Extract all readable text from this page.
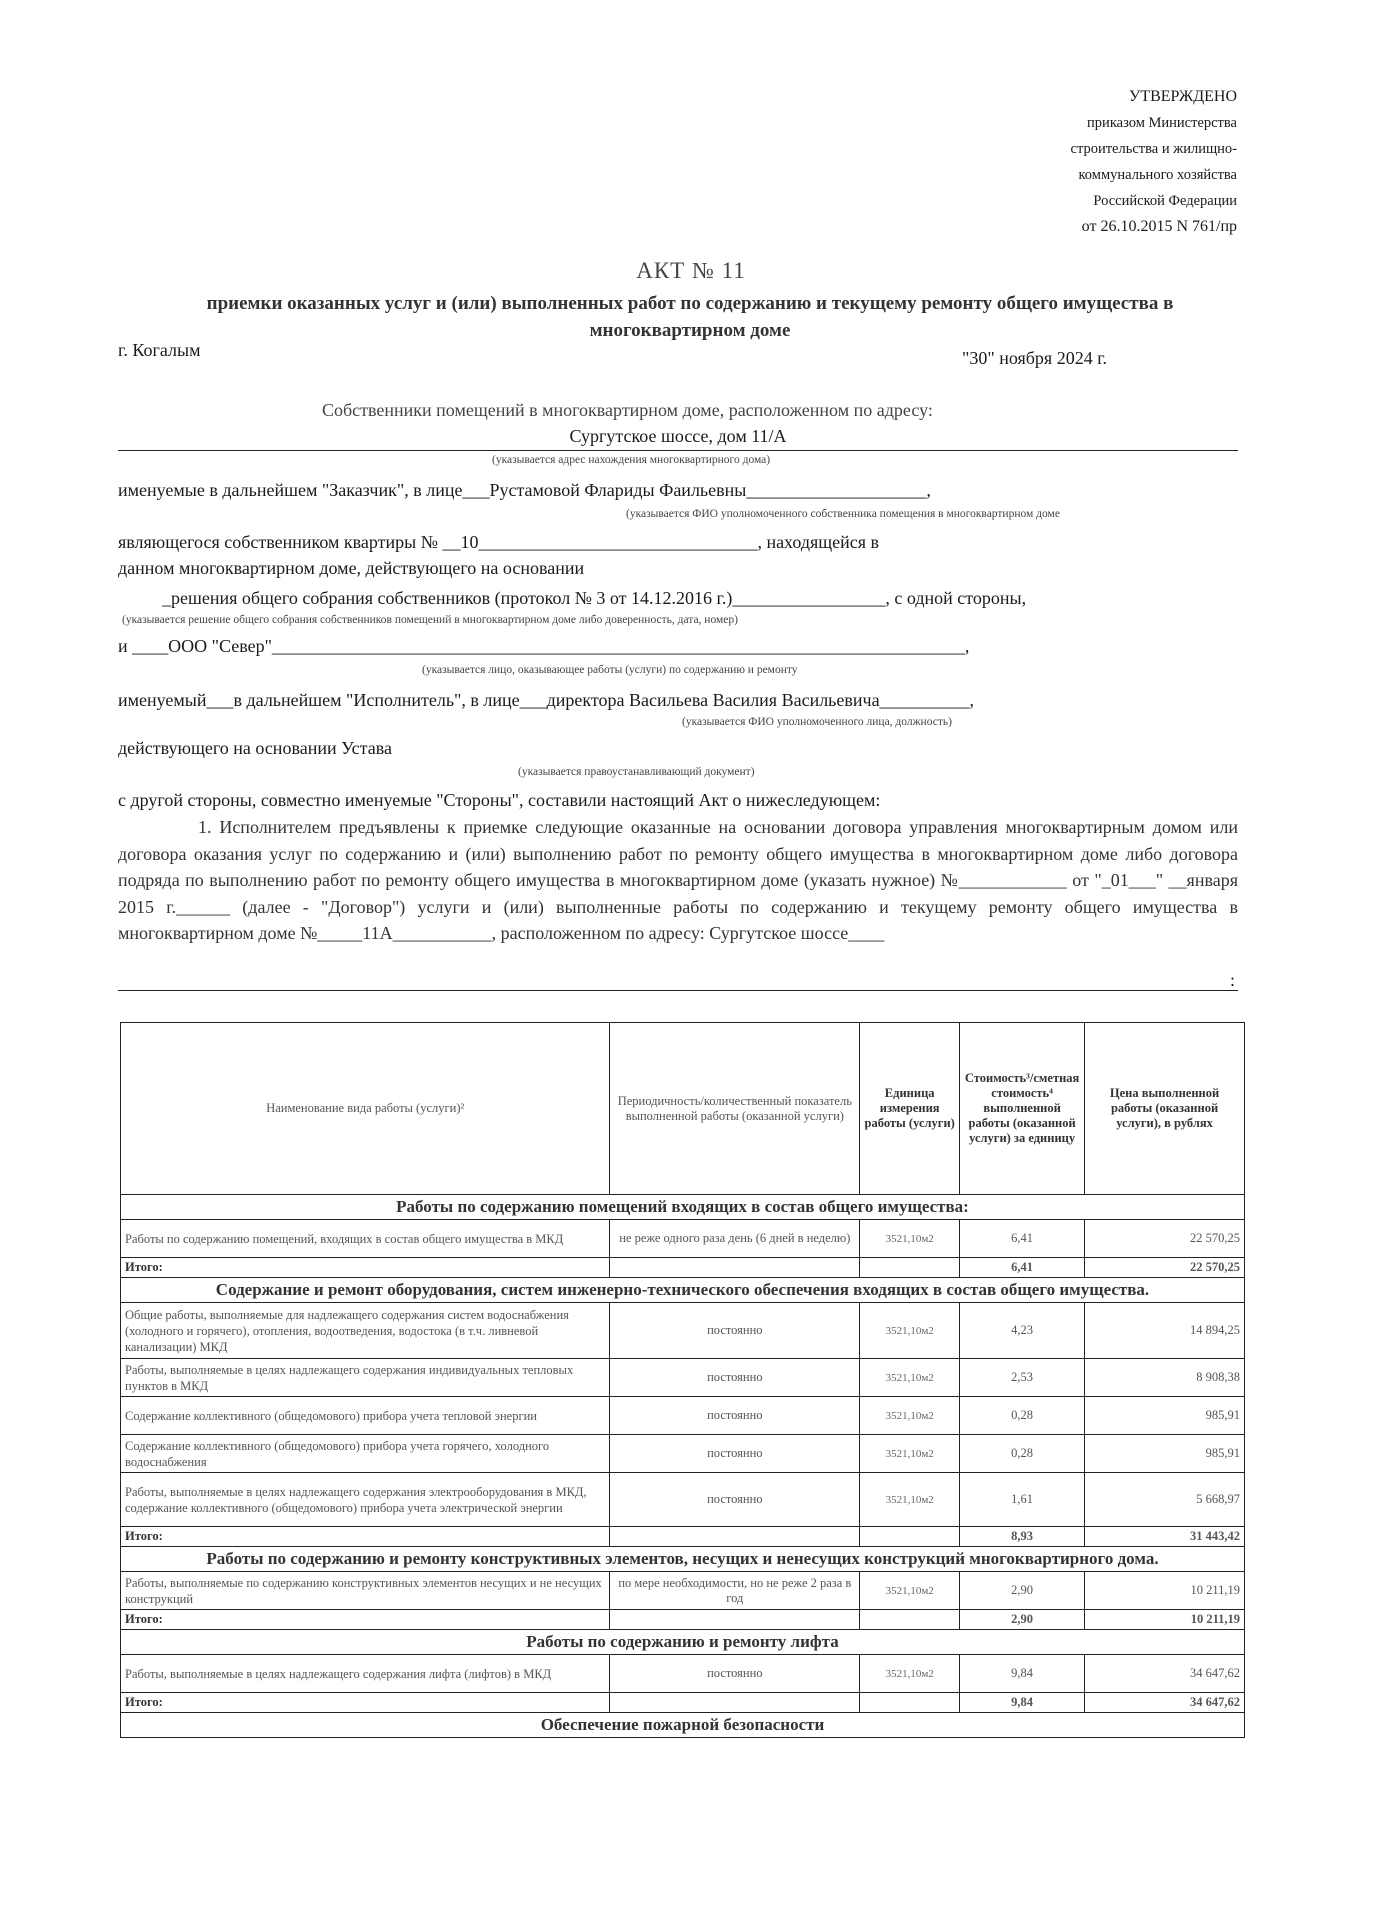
УТВЕРЖДЕНО
приказом Министерства
строительства и жилищно-
коммунального хозяйства
Российской Федерации
от 26.10.2015 N 761/пр
АКТ № 11
приемки оказанных услуг и (или) выполненных работ по содержанию и текущему ремонту общего имущества в многоквартирном доме
г. Когалым	"30" ноября 2024 г.
Собственники помещений в многоквартирном доме, расположенном по адресу:
Сургутское шоссе, дом 11/А
(указывается адрес нахождения многоквартирного дома)
именуемые в дальнейшем "Заказчик", в лице___Рустамовой Флариды Фаильевны____________________,
(указывается ФИО уполномоченного собственника помещения в многоквартирном доме
являющегося собственником квартиры № __10_______________________________, находящейся в
данном многоквартирном доме, действующего на основании
_решения общего собрания собственников (протокол № 3 от 14.12.2016 г.)_________________, с одной стороны,
(указывается решение общего собрания собственников помещений в многоквартирном доме либо доверенность, дата, номер)
и ____ООО "Север"_____________________________________________________________________________,
(указывается лицо, оказывающее работы (услуги) по содержанию и ремонту
именуемый___в дальнейшем "Исполнитель", в лице___директора Васильева Василия Васильевича__________,
(указывается ФИО уполномоченного лица, должность)
действующего на основании Устава
(указывается правоустанавливающий документ)
с другой стороны, совместно именуемые "Стороны", составили настоящий Акт о нижеследующем:
1. Исполнителем предъявлены к приемке следующие оказанные на основании договора управления многоквартирным домом или договора оказания услуг по содержанию и (или) выполнению работ по ремонту общего имущества в многоквартирном доме либо договора подряда по выполнению работ по ремонту общего имущества в многоквартирном доме (указать нужное) №____________ от "_01___" __января 2015 г.______ (далее - "Договор") услуги и (или) выполненные работы по содержанию и текущему ремонту общего имущества в многоквартирном доме №_____11А___________, расположенном по адресу: Сургутское шоссе____
:
Наименование вида работы (услуги)²	Периодичность/количественный показатель выполненной работы (оказанной услуги)	Единица измерения работы (услуги)	Стоимость³/сметная стоимость⁴ выполненной работы (оказанной услуги) за единицу	Цена выполненной работы (оказанной услуги), в рублях
Работы по содержанию помещений входящих в состав общего имущества:				
Работы по содержанию помещений, входящих в состав общего имущества в МКД	не реже одного раза день (6 дней в неделю)	3521,10м2	6,41	22 570,25
Итого:			6,41	22 570,25
Содержание и ремонт оборудования, систем инженерно-технического обеспечения входящих в состав общего имущества.				
Общие работы, выполняемые для надлежащего содержания систем водоснабжения (холодного и горячего), отопления, водоотведения, водостока (в т.ч. ливневой канализации) МКД	постоянно	3521,10м2	4,23	14 894,25
Работы, выполняемые в целях надлежащего содержания индивидуальных тепловых пунктов в МКД	постоянно	3521,10м2	2,53	8 908,38
Содержание коллективного (общедомового) прибора учета тепловой энергии	постоянно	3521,10м2	0,28	985,91
Содержание коллективного (общедомового) прибора учета горячего, холодного водоснабжения	постоянно	3521,10м2	0,28	985,91
Работы, выполняемые в целях надлежащего содержания электрооборудования в МКД, содержание коллективного (общедомового) прибора учета электрической энергии	постоянно	3521,10м2	1,61	5 668,97
Итого:			8,93	31 443,42
Работы по содержанию и ремонту конструктивных элементов, несущих и ненесущих конструкций многоквартирного дома.				
Работы, выполняемые по содержанию конструктивных элементов несущих и не несущих конструкций	по мере необходимости, но не реже 2 раза в год	3521,10м2	2,90	10 211,19
Итого:			2,90	10 211,19
Работы по содержанию и ремонту лифта				
Работы, выполняемые в целях надлежащего содержания лифта (лифтов) в МКД	постоянно	3521,10м2	9,84	34 647,62
Итого:			9,84	34 647,62
Обеспечение пожарной безопасности				
